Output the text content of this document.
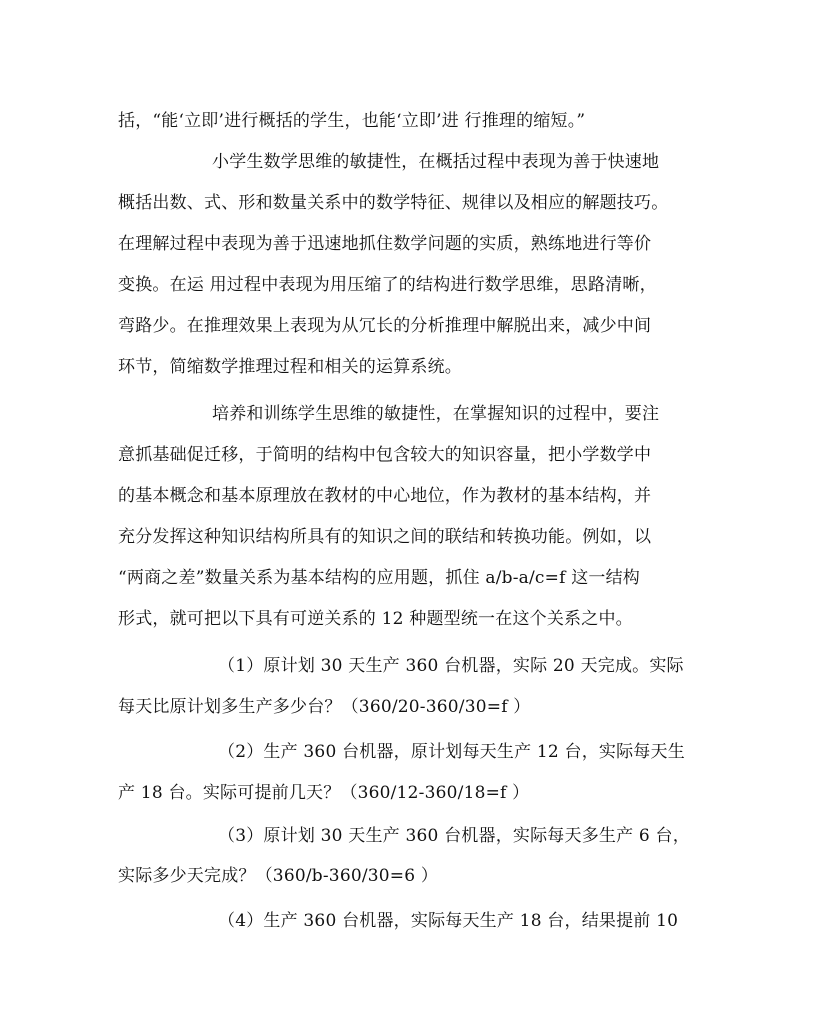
括，“能‘立即’进行概括的学生，也能‘立即’进 行推理的缩短。”
小学生数学思维的敏捷性，在概括过程中表现为善于快速地
概括出数、式、形和数量关系中的数学特征、规律以及相应的解题技巧。
在理解过程中表现为善于迅速地抓住数学问题的实质，熟练地进行等价
变换。在运 用过程中表现为用压缩了的结构进行数学思维，思路清晰，
弯路少。在推理效果上表现为从冗长的分析推理中解脱出来，减少中间
环节，简缩数学推理过程和相关的运算系统。
培养和训练学生思维的敏捷性，在掌握知识的过程中，要注
意抓基础促迁移，于简明的结构中包含较大的知识容量，把小学数学中
的基本概念和基本原理放在教材的中心地位，作为教材的基本结构，并
充分发挥这种知识结构所具有的知识之间的联结和转换功能。例如，以
“两商之差”数量关系为基本结构的应用题，抓住 a/b-a/c=f 这一结构
形式，就可把以下具有可逆关系的 12 种题型统一在这个关系之中。
（1）原计划 30 天生产 360 台机器，实际 20 天完成。实际
每天比原计划多生产多少台？（360/20-360/30=f ）
（2）生产 360 台机器，原计划每天生产 12 台，实际每天生
产 18 台。实际可提前几天？（360/12-360/18=f ）
（3）原计划 30 天生产 360 台机器，实际每天多生产 6 台，
实际多少天完成？（360/b-360/30=6 ）
（4）生产 360 台机器，实际每天生产 18 台，结果提前 10
